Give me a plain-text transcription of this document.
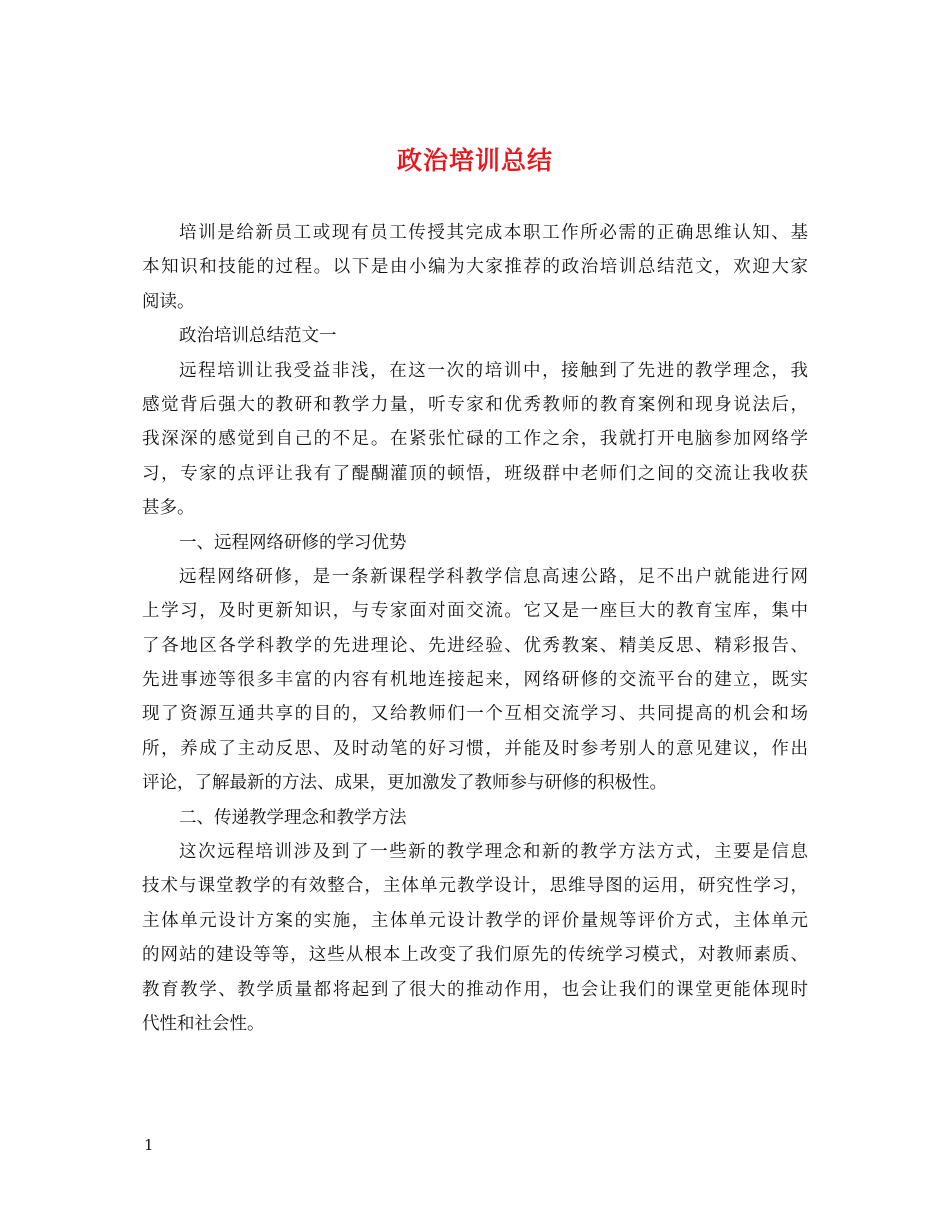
政治培训总结
培训是给新员工或现有员工传授其完成本职工作所必需的正确思维认知、基
本知识和技能的过程。以下是由小编为大家推荐的政治培训总结范文，欢迎大家
阅读。
政治培训总结范文一
远程培训让我受益非浅，在这一次的培训中，接触到了先进的教学理念，我
感觉背后强大的教研和教学力量，听专家和优秀教师的教育案例和现身说法后，
我深深的感觉到自己的不足。在紧张忙碌的工作之余，我就打开电脑参加网络学
习，专家的点评让我有了醍醐灌顶的顿悟，班级群中老师们之间的交流让我收获
甚多。
一、远程网络研修的学习优势
远程网络研修，是一条新课程学科教学信息高速公路，足不出户就能进行网
上学习，及时更新知识，与专家面对面交流。它又是一座巨大的教育宝库，集中
了各地区各学科教学的先进理论、先进经验、优秀教案、精美反思、精彩报告、
先进事迹等很多丰富的内容有机地连接起来，网络研修的交流平台的建立，既实
现了资源互通共享的目的，又给教师们一个互相交流学习、共同提高的机会和场
所，养成了主动反思、及时动笔的好习惯，并能及时参考别人的意见建议，作出
评论，了解最新的方法、成果，更加激发了教师参与研修的积极性。
二、传递教学理念和教学方法
这次远程培训涉及到了一些新的教学理念和新的教学方法方式，主要是信息
技术与课堂教学的有效整合，主体单元教学设计，思维导图的运用，研究性学习，
主体单元设计方案的实施，主体单元设计教学的评价量规等评价方式，主体单元
的网站的建设等等，这些从根本上改变了我们原先的传统学习模式，对教师素质、
教育教学、教学质量都将起到了很大的推动作用，也会让我们的课堂更能体现时
代性和社会性。
1
